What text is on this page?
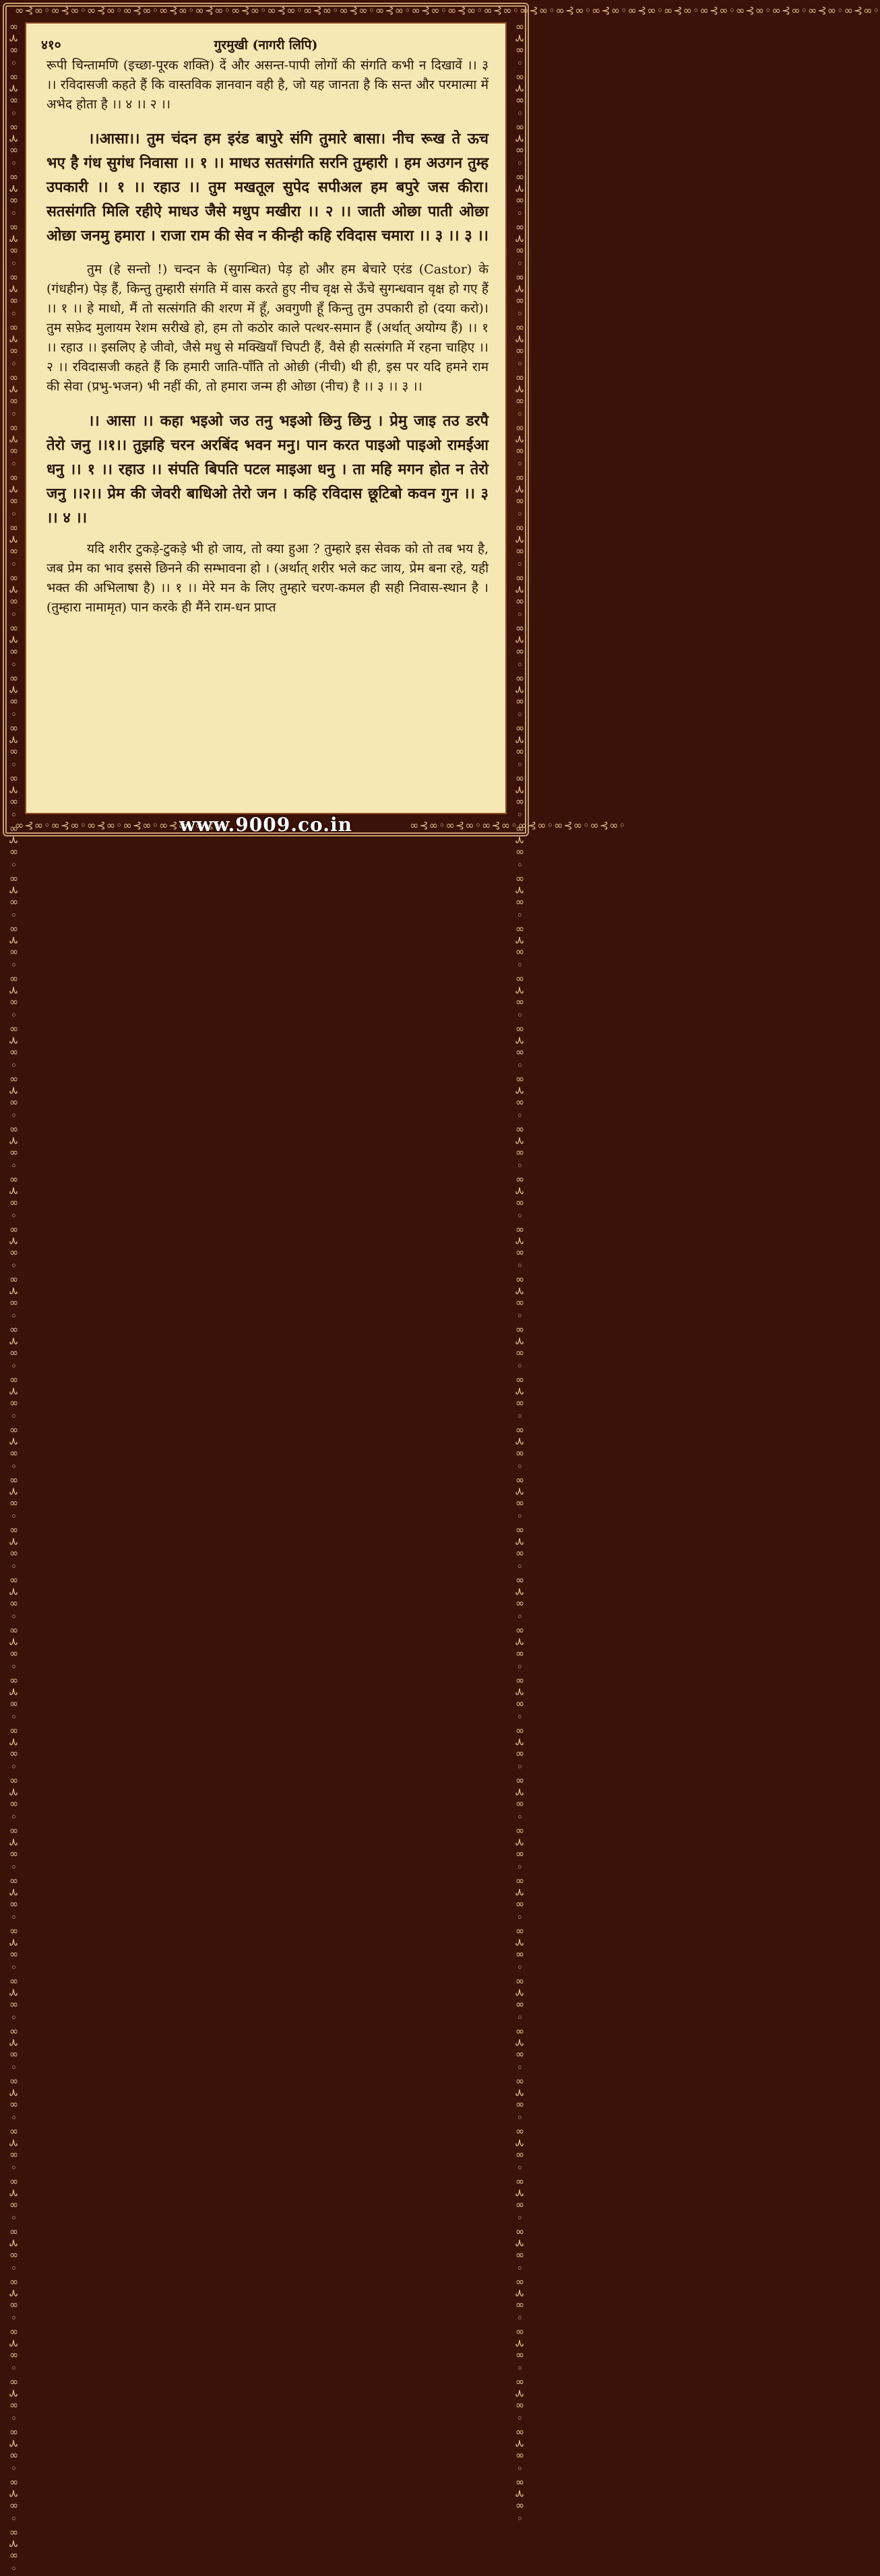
∞⊰∞◦∞⊰∞◦∞⊰∞◦∞⊰∞◦∞⊰∞◦∞⊰∞◦∞⊰∞◦∞⊰∞◦∞⊰∞◦∞⊰∞◦∞⊰∞◦∞⊰∞◦∞⊰∞◦∞⊰∞◦∞⊰∞◦∞⊰∞◦∞⊰∞◦∞⊰∞◦∞⊰∞◦∞⊰∞◦∞⊰∞◦∞⊰∞◦∞⊰∞◦∞⊰∞◦
∞⊰∞◦∞⊰∞◦∞⊰∞◦∞⊰∞◦∞⊰∞◦∞⊰∞◦	∞⊰∞◦∞⊰∞◦∞⊰∞◦∞⊰∞◦∞⊰∞◦∞⊰∞◦
∞⊰∞◦∞⊰∞◦∞⊰∞◦∞⊰∞◦∞⊰∞◦∞⊰∞◦∞⊰∞◦∞⊰∞◦∞⊰∞◦∞⊰∞◦∞⊰∞◦∞⊰∞◦∞⊰∞◦∞⊰∞◦∞⊰∞◦∞⊰∞◦∞⊰∞◦∞⊰∞◦∞⊰∞◦∞⊰∞◦∞⊰∞◦∞⊰∞◦∞⊰∞◦∞⊰∞◦∞⊰∞◦∞⊰∞◦∞⊰∞◦∞⊰∞◦∞⊰∞◦∞⊰∞◦∞⊰∞◦∞⊰∞◦∞⊰∞◦∞⊰∞◦∞⊰∞◦∞⊰∞◦∞⊰∞◦∞⊰∞◦∞⊰∞◦∞⊰∞◦∞⊰∞◦∞⊰∞◦∞⊰∞◦∞⊰∞◦∞⊰∞◦∞⊰∞◦∞⊰∞◦∞⊰∞◦∞⊰∞◦∞⊰∞◦∞⊰∞◦	∞⊰∞◦∞⊰∞◦∞⊰∞◦∞⊰∞◦∞⊰∞◦∞⊰∞◦∞⊰∞◦∞⊰∞◦∞⊰∞◦∞⊰∞◦∞⊰∞◦∞⊰∞◦∞⊰∞◦∞⊰∞◦∞⊰∞◦∞⊰∞◦∞⊰∞◦∞⊰∞◦∞⊰∞◦∞⊰∞◦∞⊰∞◦∞⊰∞◦∞⊰∞◦∞⊰∞◦∞⊰∞◦∞⊰∞◦∞⊰∞◦∞⊰∞◦∞⊰∞◦∞⊰∞◦∞⊰∞◦∞⊰∞◦∞⊰∞◦∞⊰∞◦∞⊰∞◦∞⊰∞◦∞⊰∞◦∞⊰∞◦∞⊰∞◦∞⊰∞◦∞⊰∞◦∞⊰∞◦∞⊰∞◦∞⊰∞◦∞⊰∞◦∞⊰∞◦∞⊰∞◦∞⊰∞◦∞⊰∞◦∞⊰∞◦
४१०	गुरमुखी (नागरी लिपि)

रूपी चिन्तामणि (इच्छा-पूरक शक्ति) दें और असन्त-पापी लोगों की संगति कभी न दिखावें ।। ३ ।। रविदासजी कहते हैं कि वास्तविक ज्ञानवान वही है, जो यह जानता है कि सन्त और परमात्मा में अभेद होता है ।। ४ ।। २ ।।

।।आसा।। तुम चंदन हम इरंड बापुरे संगि तुमारे बासा। नीच रूख ते ऊच भए है गंध सुगंध निवासा ।। १ ।। माधउ सतसंगति सरनि तुम्हारी । हम अउगन तुम्ह उपकारी ।। १ ।। रहाउ ।। तुम मखतूल सुपेद सपीअल हम बपुरे जस कीरा। सतसंगति मिलि रहीऐ माधउ जैसे मधुप मखीरा ।। २ ।। जाती ओछा पाती ओछा ओछा जनमु हमारा । राजा राम की सेव न कीन्ही कहि रविदास चमारा ।। ३ ।। ३ ।।

तुम (हे सन्तो !) चन्दन के (सुगन्धित) पेड़ हो और हम बेचारे एरंड (Castor) के (गंधहीन) पेड़ हैं, किन्तु तुम्हारी संगति में वास करते हुए नीच वृक्ष से ऊँचे सुगन्धवान वृक्ष हो गए हैं ।। १ ।। हे माधो, मैं तो सत्संगति की शरण में हूँ, अवगुणी हूँ किन्तु तुम उपकारी हो (दया करो)। तुम सफ़ेद मुलायम रेशम सरीखे हो, हम तो कठोर काले पत्थर-समान हैं (अर्थात् अयोग्य हैं) ।। १ ।। रहाउ ।। इसलिए हे जीवो, जैसे मधु से मक्खियाँ चिपटी हैं, वैसे ही सत्संगति में रहना चाहिए ।। २ ।। रविदासजी कहते हैं कि हमारी जाति-पाँति तो ओछी (नीची) थी ही, इस पर यदि हमने राम की सेवा (प्रभु-भजन) भी नहीं की, तो हमारा जन्म ही ओछा (नीच) है ।। ३ ।। ३ ।।

।। आसा ।। कहा भइओ जउ तनु भइओ छिनु छिनु । प्रेमु जाइ तउ डरपै तेरो जनु ।।१।। तुझहि चरन अरबिंद भवन मनु। पान करत पाइओ पाइओ रामईआ धनु ।। १ ।। रहाउ ।। संपति बिपति पटल माइआ धनु । ता महि मगन होत न तेरो जनु ।।२।। प्रेम की जेवरी बाधिओ तेरो जन । कहि रविदास छूटिबो कवन गुन ।। ३ ।। ४ ।।

यदि शरीर टुकड़े-टुकड़े भी हो जाय, तो क्या हुआ ? तुम्हारे इस सेवक को तो तब भय है, जब प्रेम का भाव इससे छिनने की सम्भावना हो । (अर्थात् शरीर भले कट जाय, प्रेम बना रहे, यही भक्त की अभिलाषा है) ।। १ ।। मेरे मन के लिए तुम्हारे चरण-कमल ही सही निवास-स्थान है । (तुम्हारा नामामृत) पान करके ही मैंने राम-धन प्राप्त

www.9009.co.in
